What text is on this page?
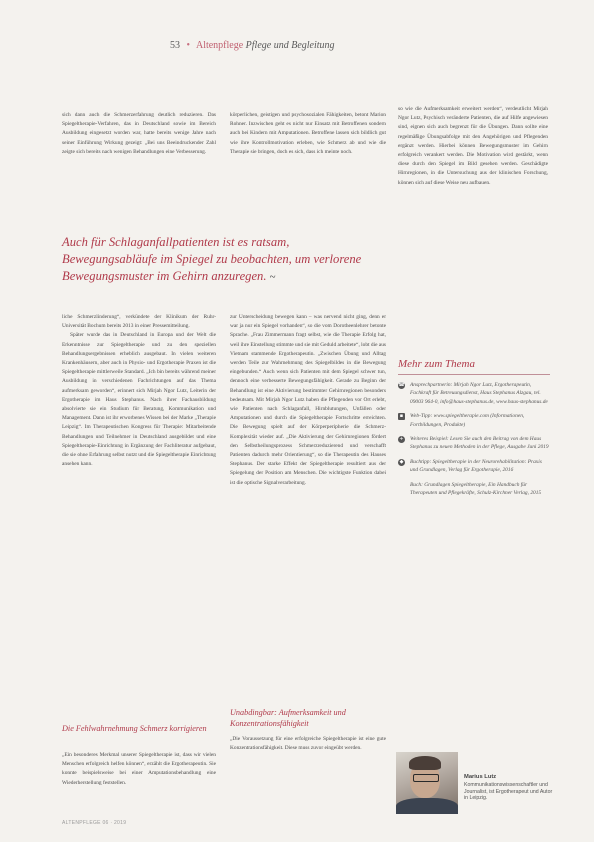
53 • Altenpflege Pflege und Begleitung

sich dann auch die Schmerzerfahrung deutlich reduzieren. Das Spiegeltherapie-Verfahren, das in Deutschland sowie im Bereich Ausbildung eingesetzt worden war, hatte bereits wenige Jahre nach seiner Einführung Wirkung gezeigt: „Bei uns Beeindruckender Zahl zeigte sich bereits nach wenigen Behandlungen eine Verbesserung.

körperlichen, geistigen und psychosozialen Fähigkeiten, betont Marion Rohner. Inzwischen geht es nicht nur Einsatz mit Betroffenen sondern auch bei Kindern mit Amputationen. Betroffene lassen sich bildlich gut wie ihre Kontrollmotivation erleben, wie Schmerz ab und wie die Therapie sie bringen, doch es sich, dass ich meinte noch.

so wie die Aufmerksamkeit erweitert werden“, verdeutlicht Mirjah Ngor Lutz, Psychisch veränderte Patienten, die auf Hilfe angewiesen sind, eignen sich auch begrenzt für die Übungen. Dann sollte eine regelmäßige Übungsabfolge mit den Angehörigen und Pflegenden ergänzt werden. Hierbei können Bewegungsmuster im Gehirn erfolgreich verankert werden. Die Motivation wird gestärkt, wenn diese durch den Spiegel im Bild gesehen werden. Geschädigte Hirnregionen, in die Untersuchung aus der klinischen Forschung, können sich auf diese Weise neu aufbauen.

Auch für Schlaganfallpatienten ist es ratsam, Bewegungsabläufe im Spiegel zu beobachten, um verlorene Bewegungsmuster im Gehirn anzuregen. ~

liche Schmerzlinderung“, verkündete der Klinikum der Ruhr-Universität Bochum bereits 2013 in einer Pressemitteilung.

Später wurde das in Deutschland in Europa und der Welt die Erkenntnisse zur Spiegeltherapie und zu den speziellen Behandlungsergebnissen erheblich ausgebaut. In vielen weiteren Krankenhäusern, aber auch in Physio- und Ergotherapie Praxen ist die Spiegeltherapie mittlerweile Standard. „Ich bin bereits während meiner Ausbildung in verschiedenen Fachrichtungen auf das Thema aufmerksam geworden“, erinnert sich Mirjah Ngor Lutz, Leiterin der Ergotherapie im Haus Stephanus. Nach ihrer Fachausbildung absolvierte sie ein Studium für Beratung, Kommunikation und Management. Dann ist ihr erworbenes Wissen bei der Marke „Therapie Leipzig“. Im Therapeutischen Kongress für Therapie: Mitarbeitende Behandlungen und Teilnehmer in Deutschland ausgebildet und eine Spiegeltherapie-Einrichtung in Ergänzung der Fachliteratur aufgebaut, die sie ohne Erfahrung selbst nutzt und die Spiegeltherapie Einrichtung ansehen kann.

zur Unterscheidung bewegen kann – was nervend nicht ging, denn er war ja nur ein Spiegel vorhanden“, so die vom Dorotheenlehrer betonte Sprache. „Frau Zimmermann fragt selbst, wie die Therapie Erfolg hat, weil ihre Einstellung stimmte und sie mit Geduld arbeitete“, lobt die aus Vietnam stammende Ergotherapeutin. „Zwischen Übung und Alltag werden Teile zur Wahrnehmung des Spiegelbildes in die Bewegung eingebunden.“ Auch wenn sich Patienten mit dem Spiegel schwer tun, dennoch eine verbesserte Bewegungsfähigkeit. Gerade zu Beginn der Behandlung ist eine Aktivierung bestimmter Gehirnregionen besonders bedeutsam. Mit Mirjah Ngor Lutz haben die Pflegenden vor Ort erlebt, wie Patienten nach Schlaganfall, Hirnblutungen, Unfällen oder Amputationen und durch die Spiegeltherapie Fortschritte erreichten. Die Bewegung spielt auf der Körperperipherie die Schmerz-Komplexität wieder auf. „Die Aktivierung der Gehirnregionen fördert den Selbstheilungsprozess Schmerzreduzierend und verschafft Patienten dadurch mehr Orientierung“, so die Therapeutin des Hauses Stephanus. Der starke Effekt der Spiegeltherapie resultiert aus der Spiegelung der Position am Menschen. Die wichtigste Funktion dabei ist die optische Signalverarbeitung.

Die Fehlwahrnehmung Schmerz korrigieren
Unabdingbar: Aufmerksamkeit und Konzentrationsfähigkeit

„Ein besonderes Merkmal unserer Spiegeltherapie ist, dass wir vielen Menschen erfolgreich helfen können“, erzählt die Ergotherapeutin. Sie konnte beispielsweise bei einer Amputationsbehandlung eine Wiederherstellung feststellen.

„Die Voraussetzung für eine erfolgreiche Spiegeltherapie ist eine gute Konzentrationsfähigkeit. Diese muss zuvor eingeübt werden.

Mehr zum Thema
☎ Ansprechpartnerin: Mirjah Ngor Lutz, Ergotherapeutin, Fachkraft für Betreuungsdienst, Haus Stephanus Alzgau, tel. 09003 964-0, info@haus-stephanus.de, www.haus-stephanus.de
▪	Web-Tipp: www.spiegeltherapie.com (Informationen, Fortbildungen, Produkte)
+ Weiteres Beispiel: Lesen Sie auch den Beitrag von dem Haus Stephanus zu neuen Methoden in der Pflege, Ausgabe Juni 2019
◆ Buchtipp: Spiegeltherapie in der Neurorehabilitation: Praxis und Grundlagen, Verlag für Ergotherapie, 2016
Buch: Grundlagen Spiegeltherapie, Ein Handbuch für Therapeuten und Pflegekräfte, Schulz-Kirchner Verlag, 2015
Marius Lutz
Kommunikationswissenschaftler und Journalist, ist Ergotherapeut und Autor in Leipzig.
ALTENPFLEGE 06 · 2019
